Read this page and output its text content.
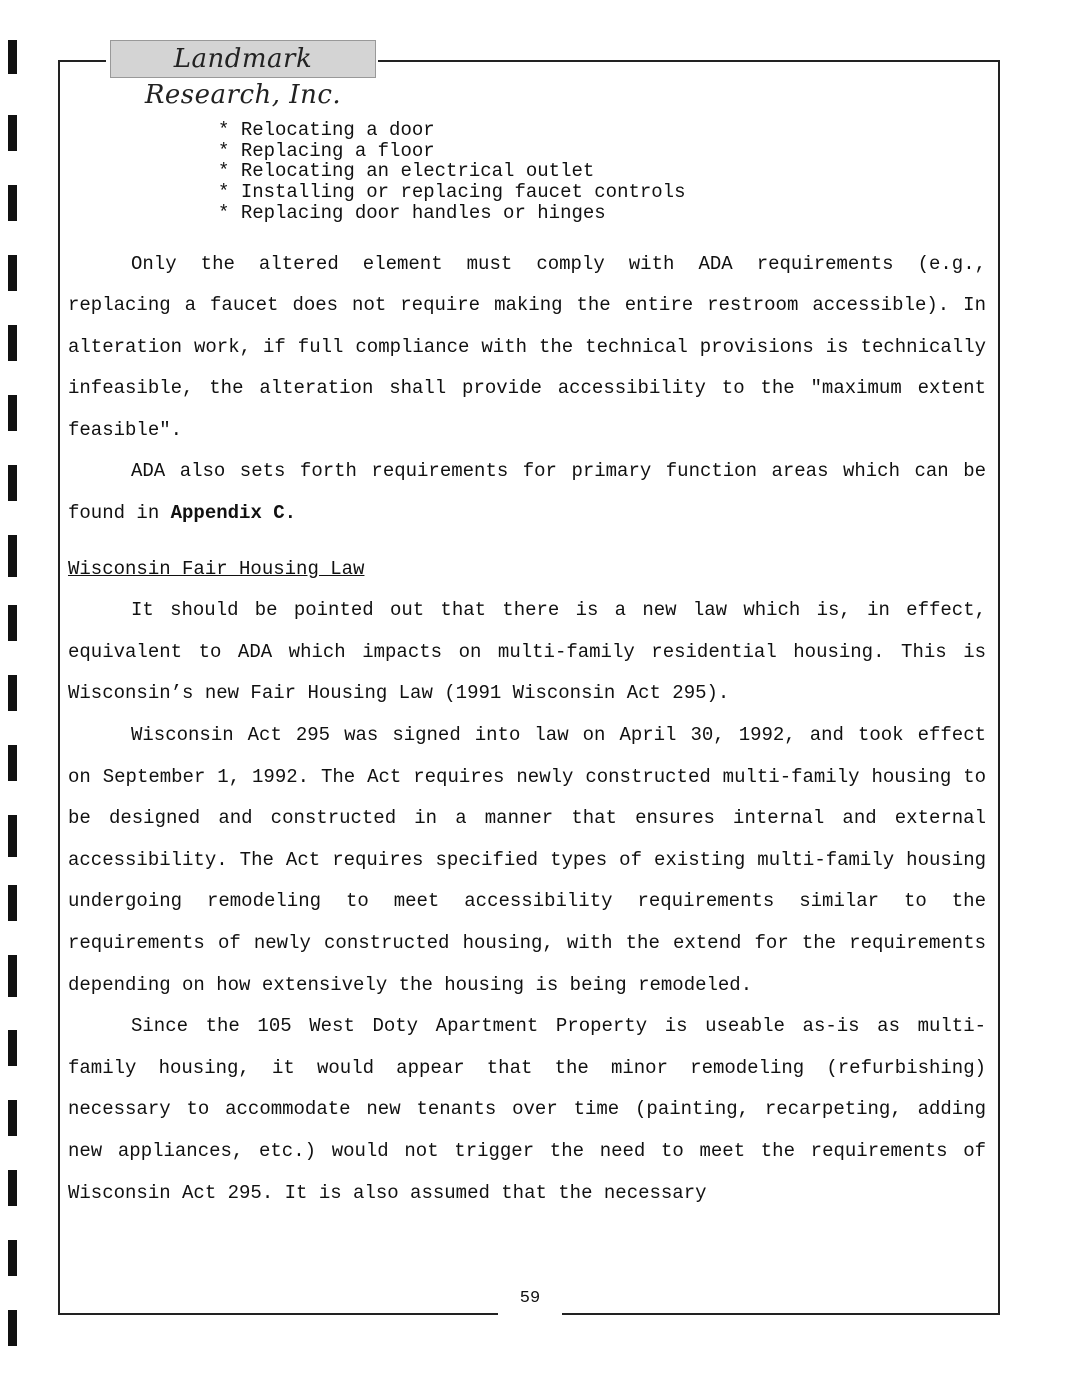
Landmark Research, Inc.
* Relocating a door
* Replacing a floor
* Relocating an electrical outlet
* Installing or replacing faucet controls
* Replacing door handles or hinges

Only the altered element must comply with ADA requirements (e.g., replacing a faucet does not require making the entire restroom accessible). In alteration work, if full compliance with the technical provisions is technically infeasible, the alteration shall provide accessibility to the "maximum extent feasible".

ADA also sets forth requirements for primary function areas which can be found in Appendix C.

Wisconsin Fair Housing Law

It should be pointed out that there is a new law which is, in effect, equivalent to ADA which impacts on multi-family residential housing. This is Wisconsin’s new Fair Housing Law (1991 Wisconsin Act 295).

Wisconsin Act 295 was signed into law on April 30, 1992, and took effect on September 1, 1992. The Act requires newly constructed multi-family housing to be designed and constructed in a manner that ensures internal and external accessibility. The Act requires specified types of existing multi-family housing undergoing remodeling to meet accessibility requirements similar to the requirements of newly constructed housing, with the extend for the requirements depending on how extensively the housing is being remodeled.

Since the 105 West Doty Apartment Property is useable as-is as multi-family housing, it would appear that the minor remodeling (refurbishing) necessary to accommodate new tenants over time (painting, recarpeting, adding new appliances, etc.) would not trigger the need to meet the requirements of Wisconsin Act 295. It is also assumed that the necessary

59
